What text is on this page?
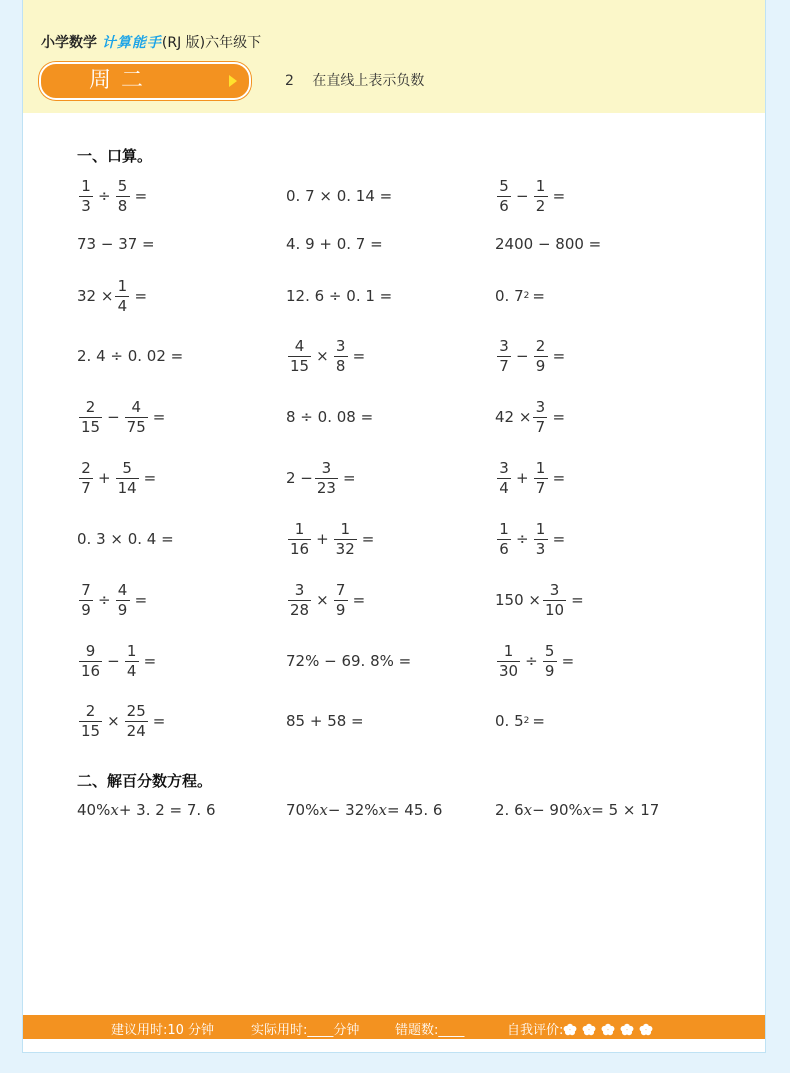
小学数学 计算能手(RJ 版)六年级下
周二	2 在直线上表示负数
一、口算。
$\frac{1}{3} \div \frac{5}{8}$ =	0. 7 × 0. 14 =	$\frac{5}{6} - \frac{1}{2}$ =
73 − 37 =	4. 9 + 0. 7 =	2400 − 800 =
$32 \times \frac{1}{4}$ =	12. 6 ÷ 0. 1 =	0. 7 2 =
2. 4 ÷ 0. 02 =	$\frac{4}{15} \times \frac{3}{8}$ =	$\frac{3}{7} - \frac{2}{9}$ =
$\frac{2}{15} - \frac{4}{75}$ =	8 ÷ 0. 08 =	$42 \times \frac{3}{7}$ =
$\frac{2}{7} + \frac{5}{14}$ =	$2 - \frac{3}{23}$ =	$\frac{3}{4} + \frac{1}{7}$ =
0. 3 × 0. 4 =	$\frac{1}{16} + \frac{1}{32}$ =	$\frac{1}{6} \div \frac{1}{3}$ =
$\frac{7}{9} \div \frac{4}{9}$ =	$\frac{3}{28} \times \frac{7}{9}$ =	$150 \times \frac{3}{10}$ =
$\frac{9}{16} - \frac{1}{4}$ =	72% − 69. 8% =	$\frac{1}{30} \div \frac{5}{9}$ =
$\frac{2}{15} \times \frac{25}{24}$ =	85 + 58 =	0. 5 2 =
二、解百分数方程。
40% x + 3. 2 = 7. 6	70% x − 32% x = 45. 6	2. 6 x − 90% x = 5 × 17
建议用时:10 分钟	实际用时:____分钟	错题数:____	自我评价:
